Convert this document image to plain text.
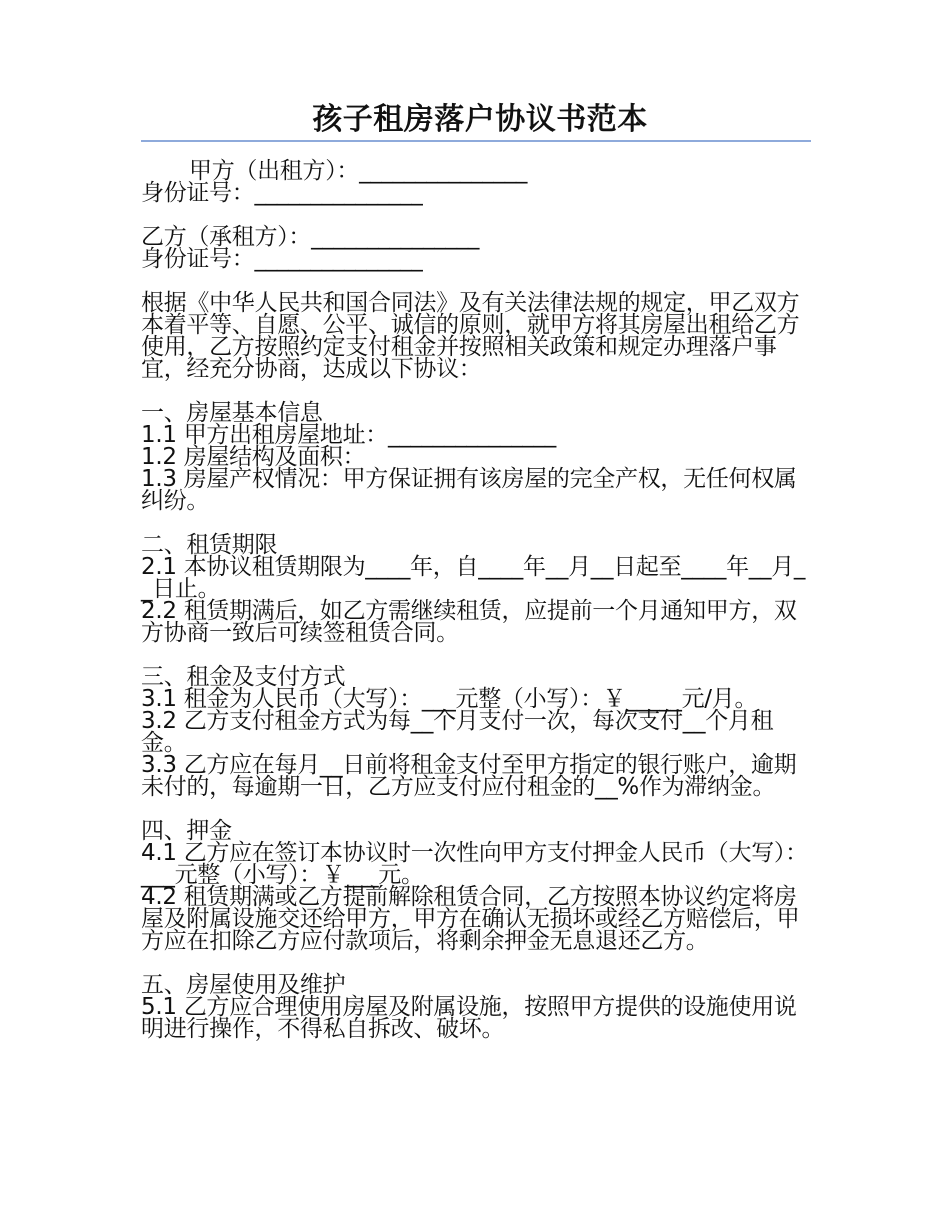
孩子租房落户协议书范本
甲方（出租方）：_______________
身份证号：_______________
乙方（承租方）：_______________
身份证号：_______________
根据《中华人民共和国合同法》及有关法律法规的规定，甲乙双方本着平等、自愿、公平、诚信的原则，就甲方将其房屋出租给乙方使用，乙方按照约定支付租金并按照相关政策和规定办理落户事宜，经充分协商，达成以下协议：
一、房屋基本信息
1.1 甲方出租房屋地址：_______________
1.2 房屋结构及面积：
1.3 房屋产权情况：甲方保证拥有该房屋的完全产权，无任何权属纠纷。
二、租赁期限
2.1 本协议租赁期限为____年，自____年__月__日起至____年__月__日止。
2.2 租赁期满后，如乙方需继续租赁，应提前一个月通知甲方，双方协商一致后可续签租赁合同。
三、租金及支付方式
3.1 租金为人民币（大写）：___元整（小写）：￥_____元/月。
3.2 乙方支付租金方式为每__个月支付一次，每次支付__个月租金。
3.3 乙方应在每月__日前将租金支付至甲方指定的银行账户，逾期未付的，每逾期一日，乙方应支付应付租金的__%作为滞纳金。
四、押金
4.1 乙方应在签订本协议时一次性向甲方支付押金人民币（大写）：___元整（小写）：￥___元。
4.2 租赁期满或乙方提前解除租赁合同，乙方按照本协议约定将房屋及附属设施交还给甲方，甲方在确认无损坏或经乙方赔偿后，甲方应在扣除乙方应付款项后，将剩余押金无息退还乙方。
五、房屋使用及维护
5.1 乙方应合理使用房屋及附属设施，按照甲方提供的设施使用说明进行操作，不得私自拆改、破坏。
